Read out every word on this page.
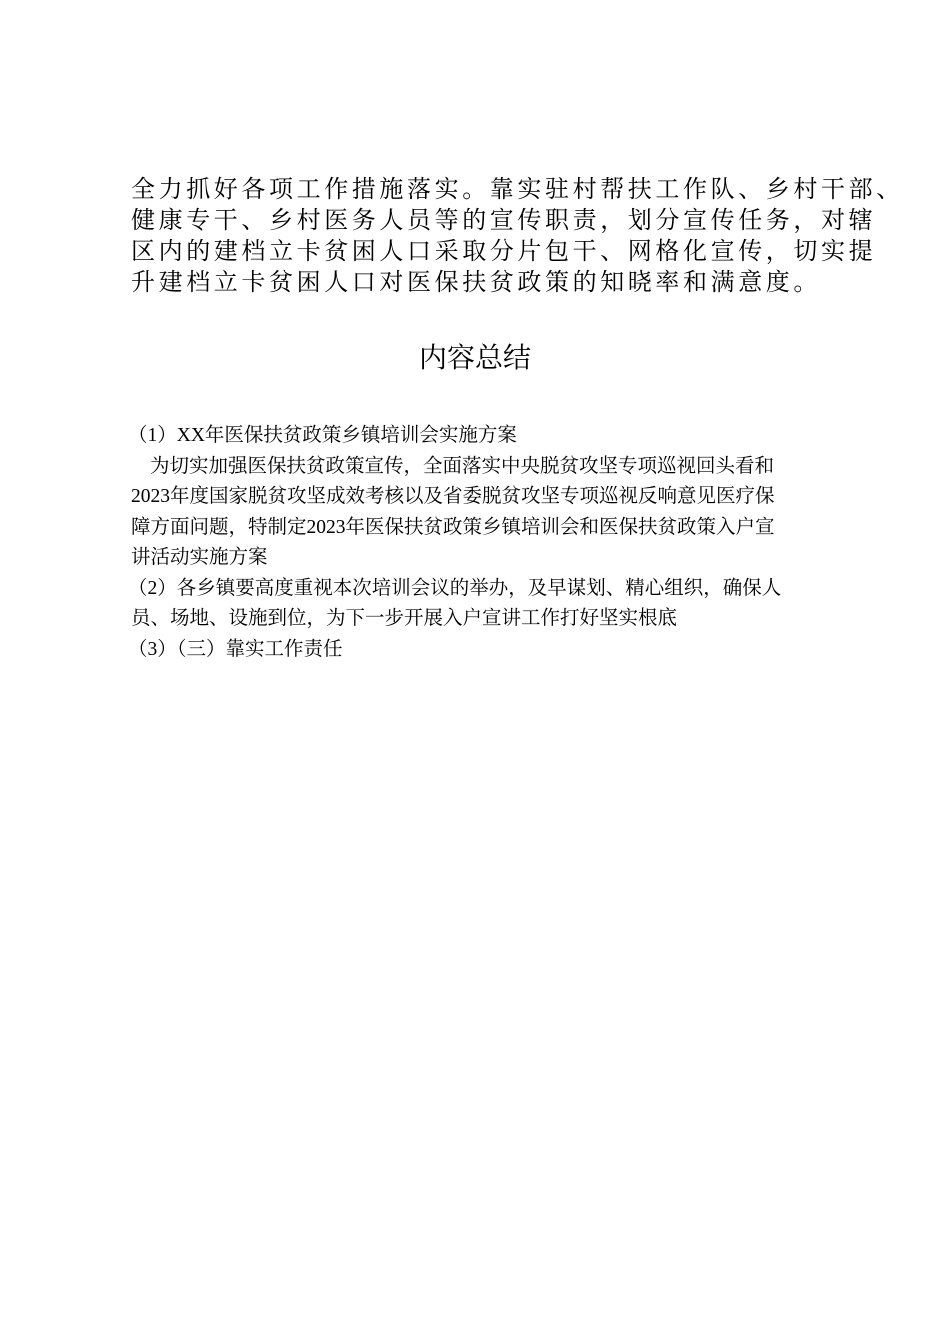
全力抓好各项工作措施落实。靠实驻村帮扶工作队、乡村干部、
健康专干、乡村医务人员等的宣传职责，划分宣传任务，对辖
区内的建档立卡贫困人口采取分片包干、网格化宣传，切实提
升建档立卡贫困人口对医保扶贫政策的知晓率和满意度。
内容总结
（1）XX年医保扶贫政策乡镇培训会实施方案
为切实加强医保扶贫政策宣传，全面落实中央脱贫攻坚专项巡视回头看和
2023年度国家脱贫攻坚成效考核以及省委脱贫攻坚专项巡视反响意见医疗保
障方面问题，特制定2023年医保扶贫政策乡镇培训会和医保扶贫政策入户宣
讲活动实施方案
（2）各乡镇要高度重视本次培训会议的举办，及早谋划、精心组织，确保人
员、场地、设施到位，为下一步开展入户宣讲工作打好坚实根底
（3）（三）靠实工作责任
